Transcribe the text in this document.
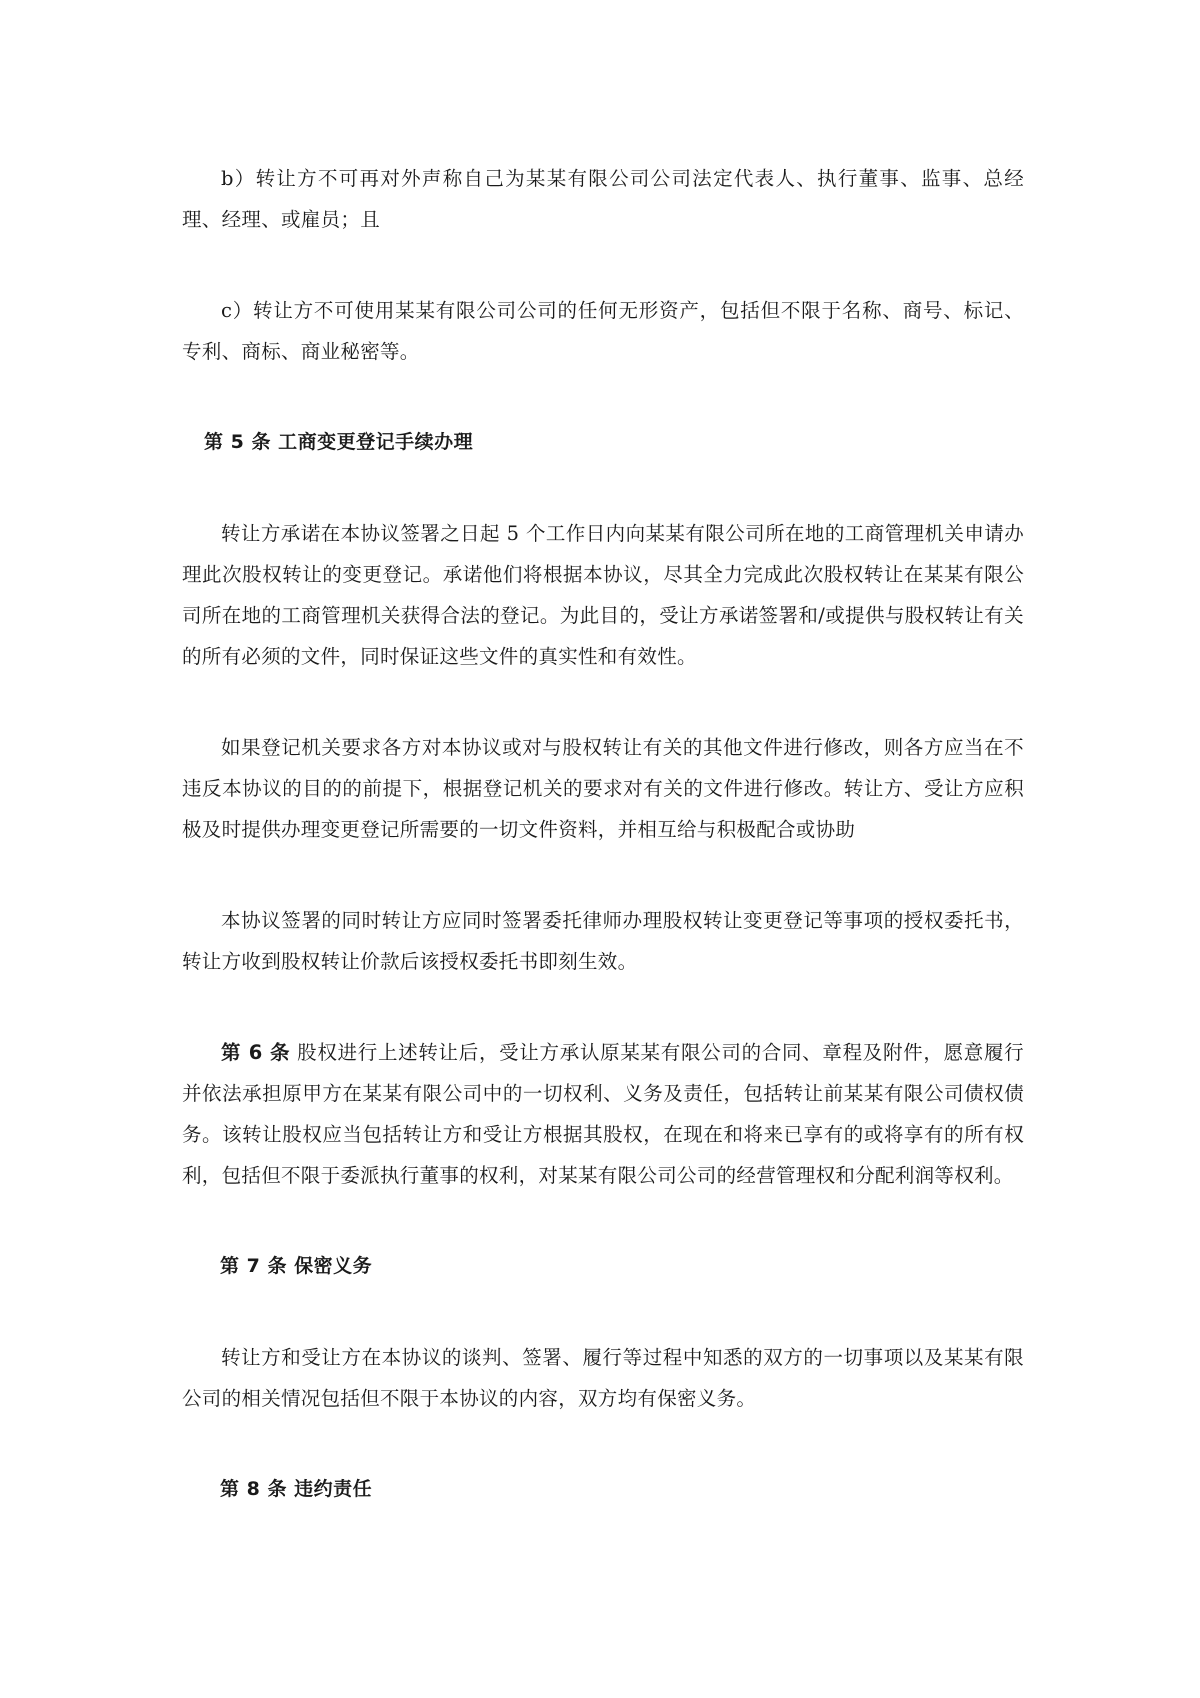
b）转让方不可再对外声称自己为某某有限公司公司法定代表人、执行董事、监事、总经理、经理、或雇员；且

c）转让方不可使用某某有限公司公司的任何无形资产，包括但不限于名称、商号、标记、专利、商标、商业秘密等。

第 5 条 工商变更登记手续办理

转让方承诺在本协议签署之日起 5 个工作日内向某某有限公司所在地的工商管理机关申请办理此次股权转让的变更登记。承诺他们将根据本协议，尽其全力完成此次股权转让在某某有限公司所在地的工商管理机关获得合法的登记。为此目的，受让方承诺签署和/或提供与股权转让有关的所有必须的文件，同时保证这些文件的真实性和有效性。

如果登记机关要求各方对本协议或对与股权转让有关的其他文件进行修改，则各方应当在不违反本协议的目的的前提下，根据登记机关的要求对有关的文件进行修改。转让方、受让方应积极及时提供办理变更登记所需要的一切文件资料，并相互给与积极配合或协助

本协议签署的同时转让方应同时签署委托律师办理股权转让变更登记等事项的授权委托书，转让方收到股权转让价款后该授权委托书即刻生效。

第 6 条 股权进行上述转让后，受让方承认原某某有限公司的合同、章程及附件，愿意履行并依法承担原甲方在某某有限公司中的一切权利、义务及责任，包括转让前某某有限公司债权债务。该转让股权应当包括转让方和受让方根据其股权，在现在和将来已享有的或将享有的所有权利，包括但不限于委派执行董事的权利，对某某有限公司公司的经营管理权和分配利润等权利。

第 7 条 保密义务

转让方和受让方在本协议的谈判、签署、履行等过程中知悉的双方的一切事项以及某某有限公司的相关情况包括但不限于本协议的内容，双方均有保密义务。

第 8 条 违约责任
